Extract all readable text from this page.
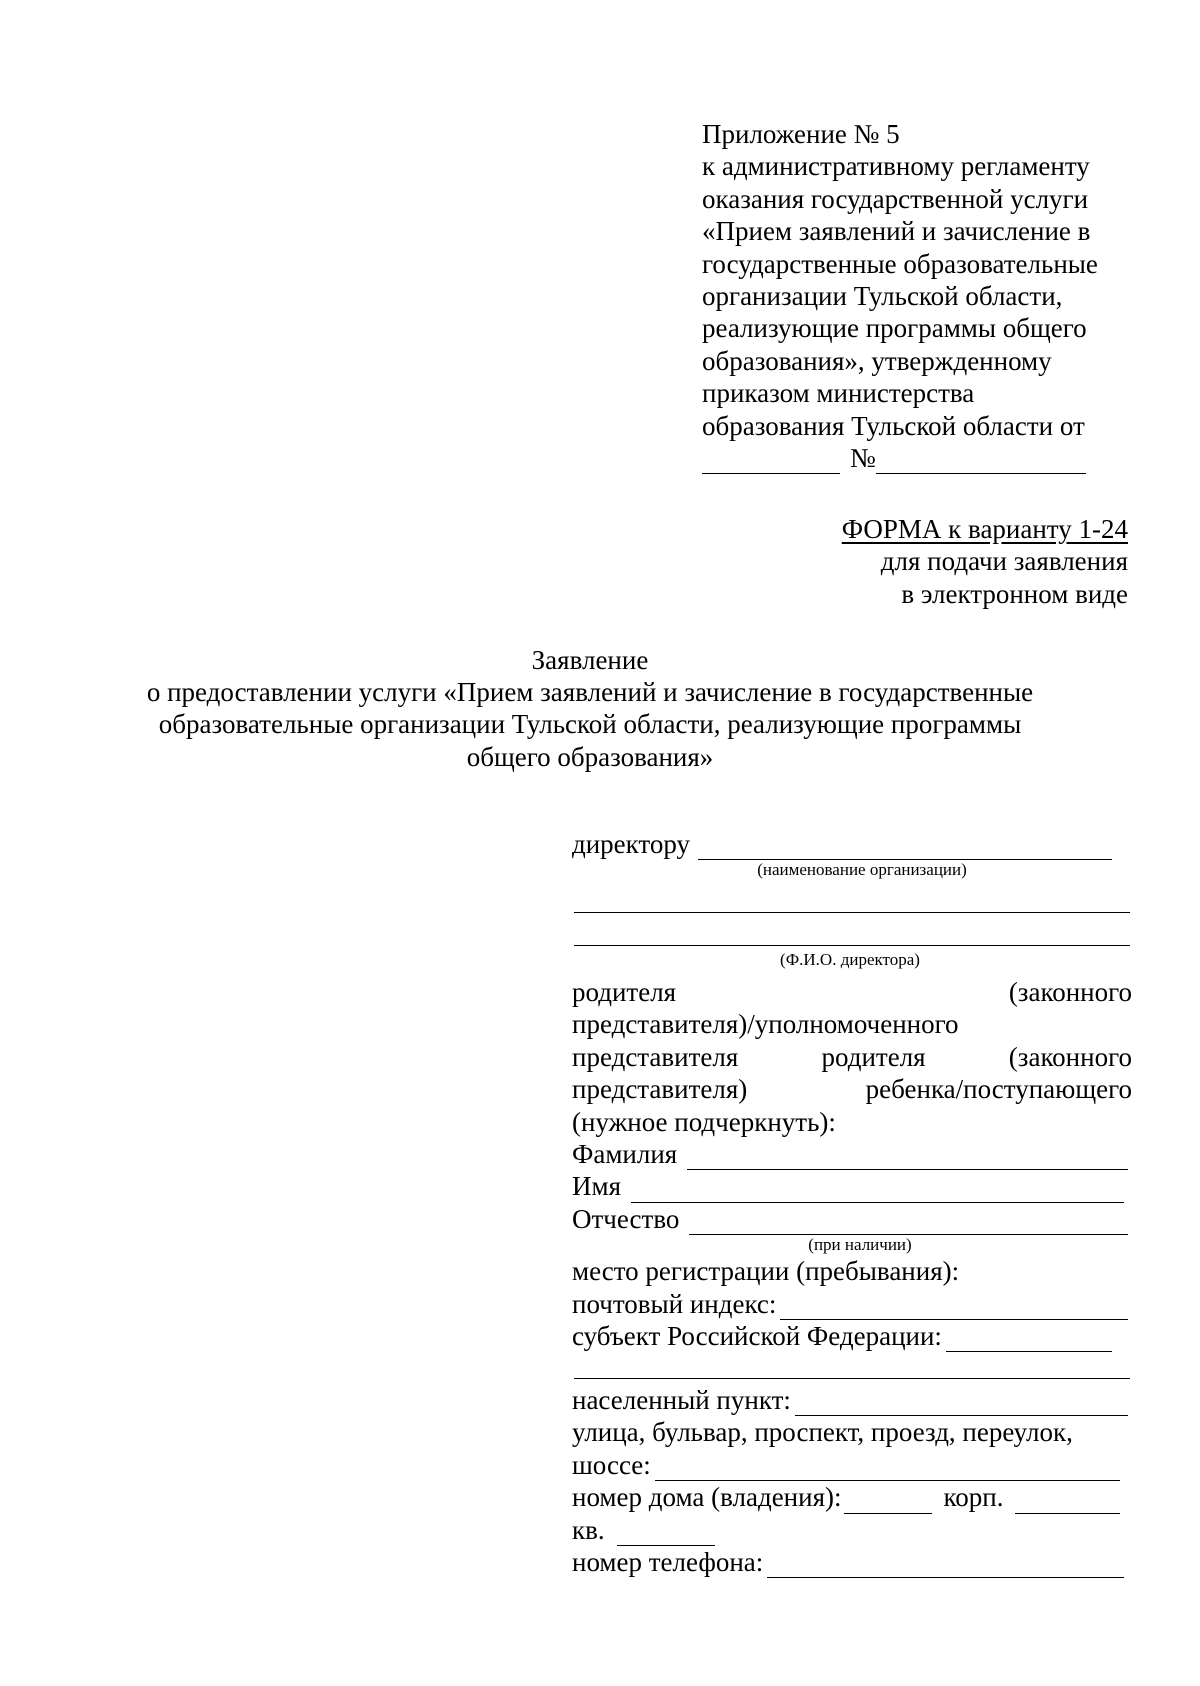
Приложение № 5
к административному регламенту
оказания государственной услуги
«Прием заявлений и зачисление в
государственные образовательные
организации Тульской области,
реализующие программы общего
образования», утвержденному
приказом министерства
образования Тульской области от
№
ФОРМА к варианту 1-24
для подачи заявления
в электронном виде
Заявление
о предоставлении услуги «Прием заявлений и зачисление в государственные
образовательные организации Тульской области, реализующие программы
общего образования»
директору
(наименование организации)
(Ф.И.О. директора)
родителя	(законного
представителя)/уполномоченного
представителя	родителя	(законного
представителя)	ребенка/поступающего
(нужное подчеркнуть):
Фамилия
Имя
Отчество
(при наличии)
место регистрации (пребывания):
почтовый индекс:
субъект Российской Федерации:
населенный пункт:
улица, бульвар, проспект, проезд, переулок,
шоссе:
номер дома (владения):	корп.
кв.
номер телефона:
